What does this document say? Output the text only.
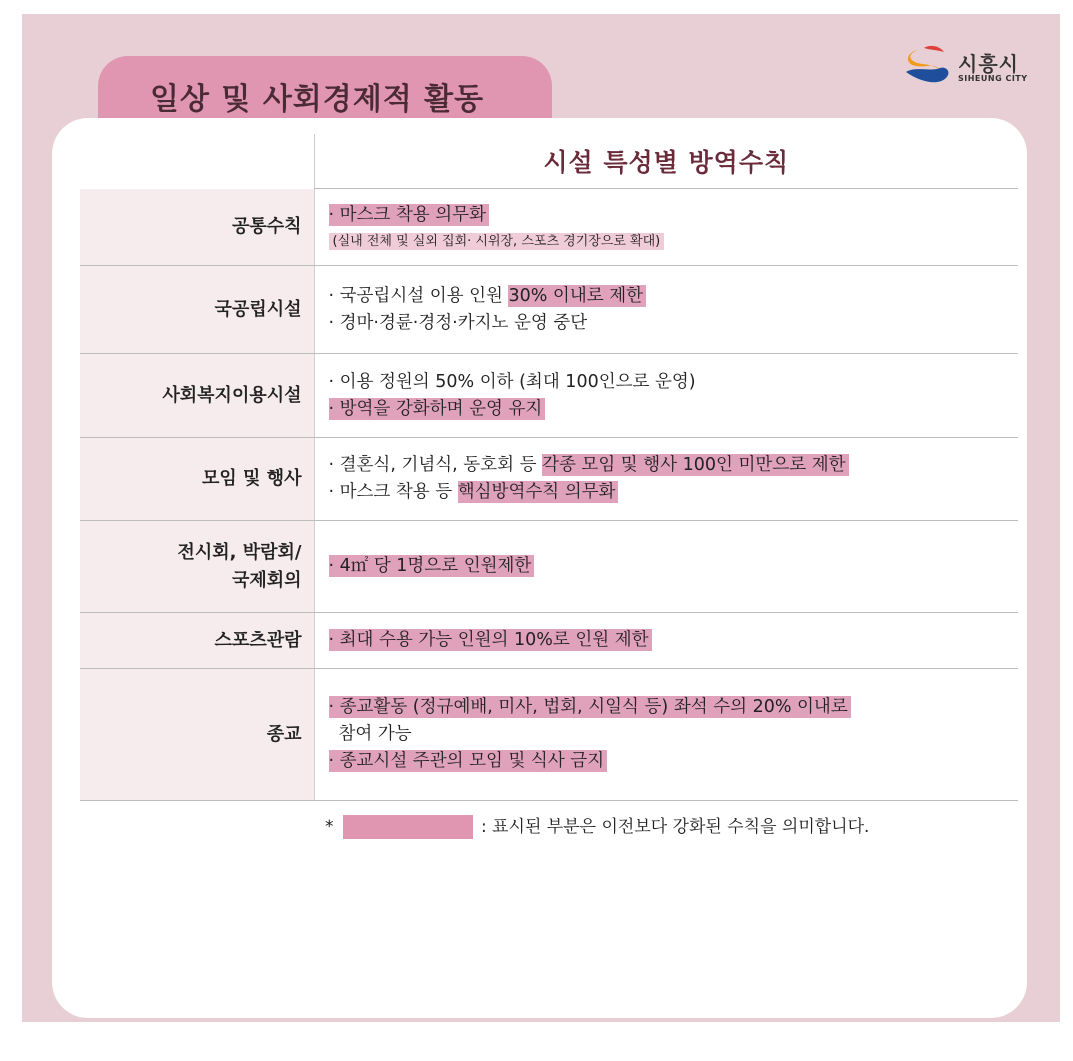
일상 및 사회경제적 활동
시흥시
SIHEUNG CITY
	시설 특성별 방역수칙
공통수칙	· 마스크 착용 의무화
(실내 전체 및 실외 집회· 시위장, 스포츠 경기장으로 확대)

국공립시설	· 국공립시설 이용 인원 30% 이내로 제한
· 경마·경륜·경정·카지노 운영 중단

사회복지이용시설	· 이용 정원의 50% 이하 (최대 100인으로 운영)
· 방역을 강화하며 운영 유지

모임 및 행사	· 결혼식, 기념식, 동호회 등 각종 모임 및 행사 100인 미만으로 제한
· 마스크 착용 등 핵심방역수칙 의무화

전시회, 박람회/
국제회의	· 4㎡ 당 1명으로 인원제한

스포츠관람	· 최대 수용 가능 인원의 10%로 인원 제한

종교	· 종교활동 (정규예배, 미사, 법회, 시일식 등) 좌석 수의 20% 이내로
참여 가능
· 종교시설 주관의 모임 및 식사 금지
*	: 표시된 부분은 이전보다 강화된 수칙을 의미합니다.
